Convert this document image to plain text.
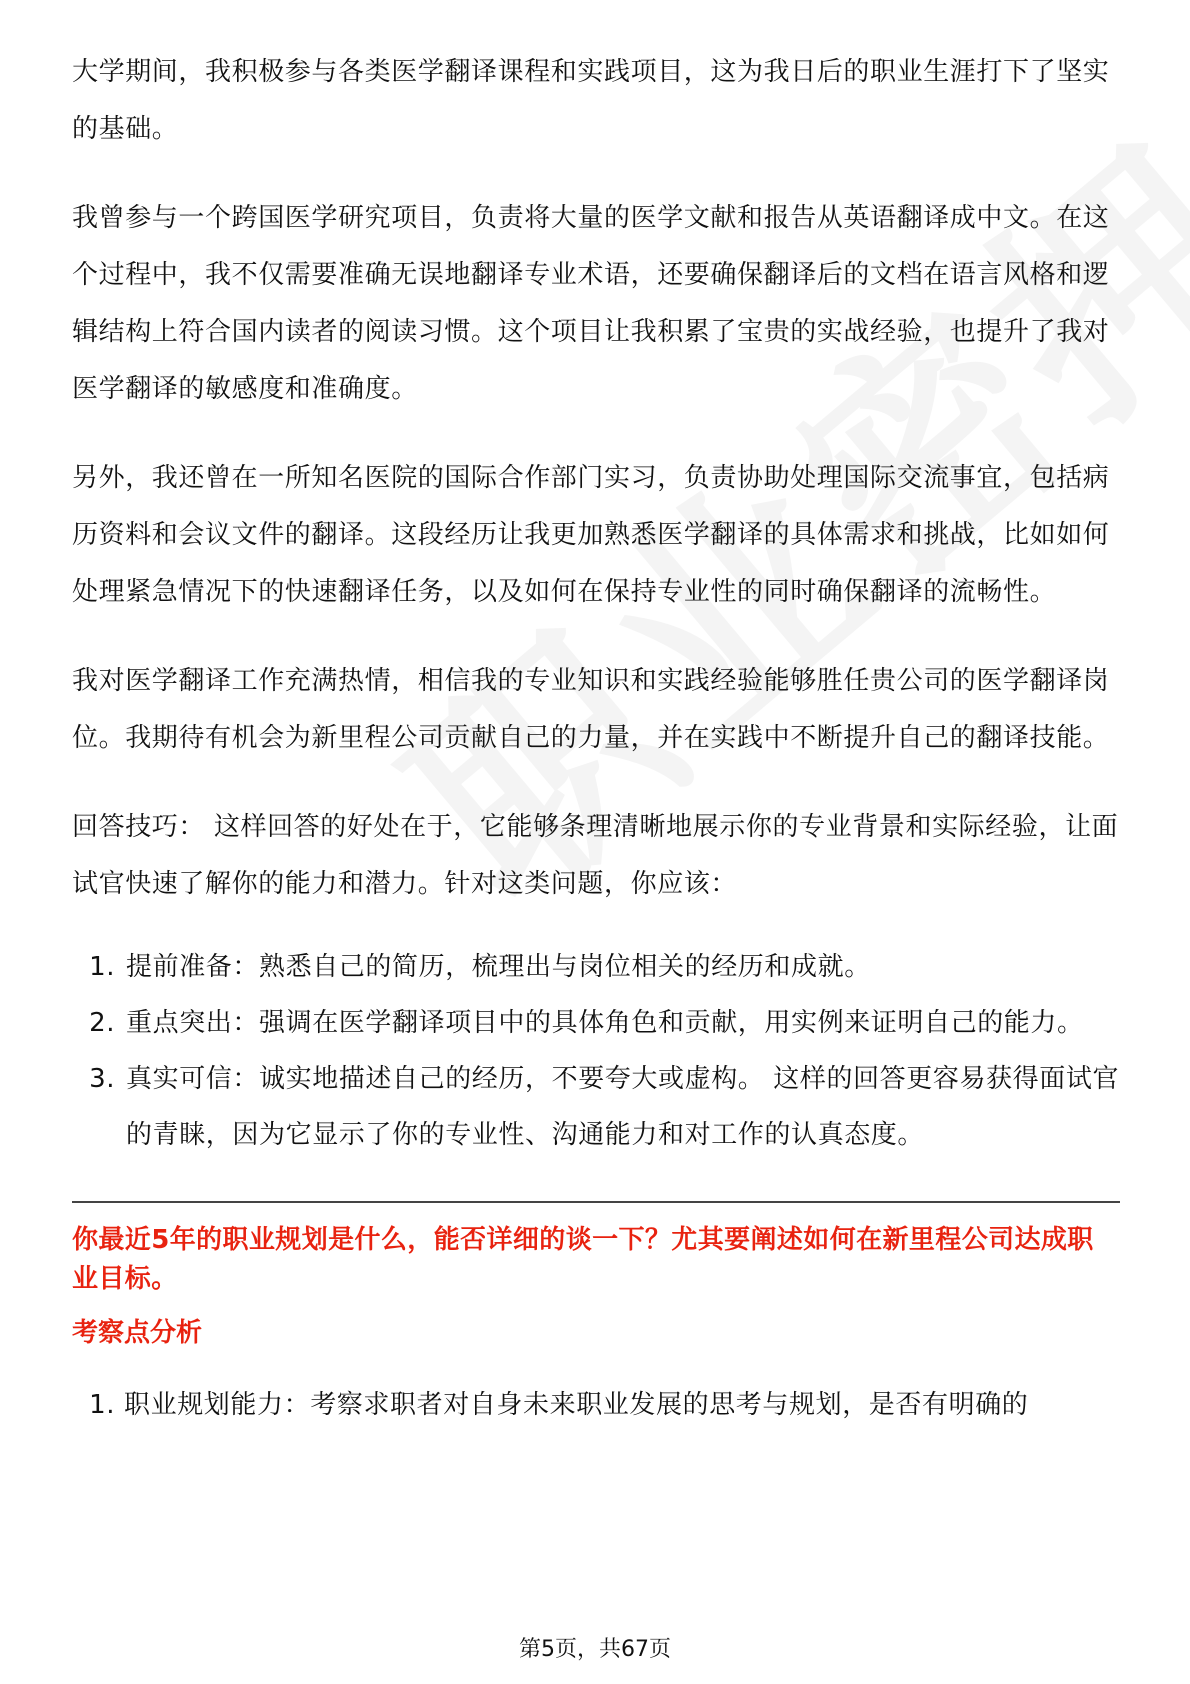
大学期间，我积极参与各类医学翻译课程和实践项目，这为我日后的职业生涯打下了坚实的基础。

我曾参与一个跨国医学研究项目，负责将大量的医学文献和报告从英语翻译成中文。在这个过程中，我不仅需要准确无误地翻译专业术语，还要确保翻译后的文档在语言风格和逻辑结构上符合国内读者的阅读习惯。这个项目让我积累了宝贵的实战经验，也提升了我对医学翻译的敏感度和准确度。

另外，我还曾在一所知名医院的国际合作部门实习，负责协助处理国际交流事宜，包括病历资料和会议文件的翻译。这段经历让我更加熟悉医学翻译的具体需求和挑战，比如如何处理紧急情况下的快速翻译任务，以及如何在保持专业性的同时确保翻译的流畅性。

我对医学翻译工作充满热情，相信我的专业知识和实践经验能够胜任贵公司的医学翻译岗位。我期待有机会为新里程公司贡献自己的力量，并在实践中不断提升自己的翻译技能。

回答技巧： 这样回答的好处在于，它能够条理清晰地展示你的专业背景和实际经验，让面试官快速了解你的能力和潜力。针对这类问题，你应该：

1. 提前准备：熟悉自己的简历，梳理出与岗位相关的经历和成就。
2. 重点突出：强调在医学翻译项目中的具体角色和贡献，用实例来证明自己的能力。
3. 真实可信：诚实地描述自己的经历，不要夸大或虚构。 这样的回答更容易获得面试官的青睐，因为它显示了你的专业性、沟通能力和对工作的认真态度。
你最近5年的职业规划是什么，能否详细的谈一下？尤其要阐述如何在新里程公司达成职业目标。
考察点分析
1. 职业规划能力：考察求职者对自身未来职业发展的思考与规划，是否有明确的
第5页，共67页
